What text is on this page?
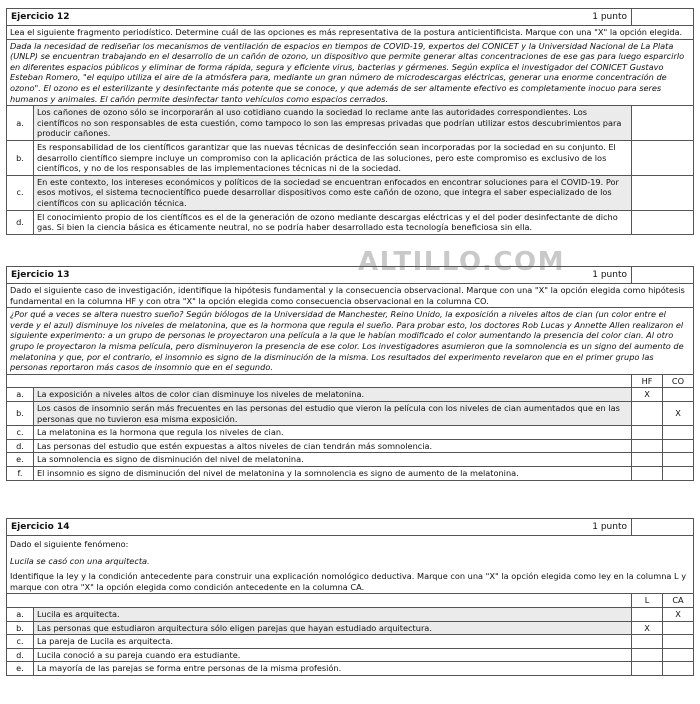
Ejercicio 12 1 punto		

Lea el siguiente fragmento periodístico. Determine cuál de las opciones es más representativa de la postura anticientificista. Marque con una "X" la opción elegida.		
Dada la necesidad de rediseñar los mecanismos de ventilación de espacios en tiempos de COVID-19, expertos del CONICET y la Universidad Nacional de La Plata (UNLP) se encuentran trabajando en el desarrollo de un cañón de ozono, un dispositivo que permite generar altas concentraciones de ese gas para luego esparcirlo en diferentes espacios públicos y eliminar de forma rápida, segura y eficiente virus, bacterias y gérmenes. Según explica el investigador del CONICET Gustavo Esteban Romero, "el equipo utiliza el aire de la atmósfera para, mediante un gran número de microdescargas eléctricas, generar una enorme concentración de ozono". El ozono es el esterilizante y desinfectante más potente que se conoce, y que además de ser altamente efectivo es completamente inocuo para seres humanos y animales. El cañón permite desinfectar tanto vehículos como espacios cerrados.		
a.	Los cañones de ozono sólo se incorporarán al uso cotidiano cuando la sociedad lo reclame ante las autoridades correspondientes. Los científicos no son responsables de esta cuestión, como tampoco lo son las empresas privadas que podrían utilizar estos descubrimientos para producir cañones.	
b.	Es responsabilidad de los científicos garantizar que las nuevas técnicas de desinfección sean incorporadas por la sociedad en su conjunto. El desarrollo científico siempre incluye un compromiso con la aplicación práctica de las soluciones, pero este compromiso es exclusivo de los científicos, y no de los responsables de las implementaciones técnicas ni de la sociedad.	
c.	En este contexto, los intereses económicos y políticos de la sociedad se encuentran enfocados en encontrar soluciones para el COVID-19. Por esos motivos, el sistema tecnocientífico puede desarrollar dispositivos como este cañón de ozono, que integra el saber especializado de los científicos con su aplicación técnica.	
d.	El conocimiento propio de los científicos es el de la generación de ozono mediante descargas eléctricas y el del poder desinfectante de dicho gas. Si bien la ciencia básica es éticamente neutral, no se podría haber desarrollado esta tecnología beneficiosa sin ella.	
ALTILLO.COM
Ejercicio 13 1 punto			

Dado el siguiente caso de investigación, identifique la hipótesis fundamental y la consecuencia observacional. Marque con una "X" la opción elegida como hipótesis fundamental en la columna HF y con otra "X" la opción elegida como consecuencia observacional en la columna CO.			
¿Por qué a veces se altera nuestro sueño? Según biólogos de la Universidad de Manchester, Reino Unido, la exposición a niveles altos de cian (un color entre el verde y el azul) disminuye los niveles de melatonina, que es la hormona que regula el sueño. Para probar esto, los doctores Rob Lucas y Annette Allen realizaron el siguiente experimento: a un grupo de personas le proyectaron una película a la que le habían modificado el color aumentando la presencia del color cian. Al otro grupo le proyectaron la misma película, pero disminuyeron la presencia de ese color. Los investigadores asumieron que la somnolencia es un signo del aumento de melatonina y que, por el contrario, el insomnio es signo de la disminución de la misma. Los resultados del experimento revelaron que en el primer grupo las personas reportaron más casos de insomnio que en el segundo.			
		HF	CO
a.	La exposición a niveles altos de color cian disminuye los niveles de melatonina.	X	
b.	Los casos de insomnio serán más frecuentes en las personas del estudio que vieron la película con los niveles de cian aumentados que en las personas que no tuvieron esa misma exposición.		X
c.	La melatonina es la hormona que regula los niveles de cian.		
d.	Las personas del estudio que estén expuestas a altos niveles de cian tendrán más somnolencia.		
e.	La somnolencia es signo de disminución del nivel de melatonina.		
f.	El insomnio es signo de disminución del nivel de melatonina y la somnolencia es signo de aumento de la melatonina.		
Ejercicio 14 1 punto			

Dado el siguiente fenómeno:			
Lucila se casó con una arquitecta.			
Identifique la ley y la condición antecedente para construir una explicación nomológico deductiva. Marque con una "X" la opción elegida como ley en la columna L y marque con otra "X" la opción elegida como condición antecedente en la columna CA.			
		L	CA
a.	Lucila es arquitecta.		X
b.	Las personas que estudiaron arquitectura sólo eligen parejas que hayan estudiado arquitectura.	X	
c.	La pareja de Lucila es arquitecta.		
d.	Lucila conoció a su pareja cuando era estudiante.		
e.	La mayoría de las parejas se forma entre personas de la misma profesión.		
